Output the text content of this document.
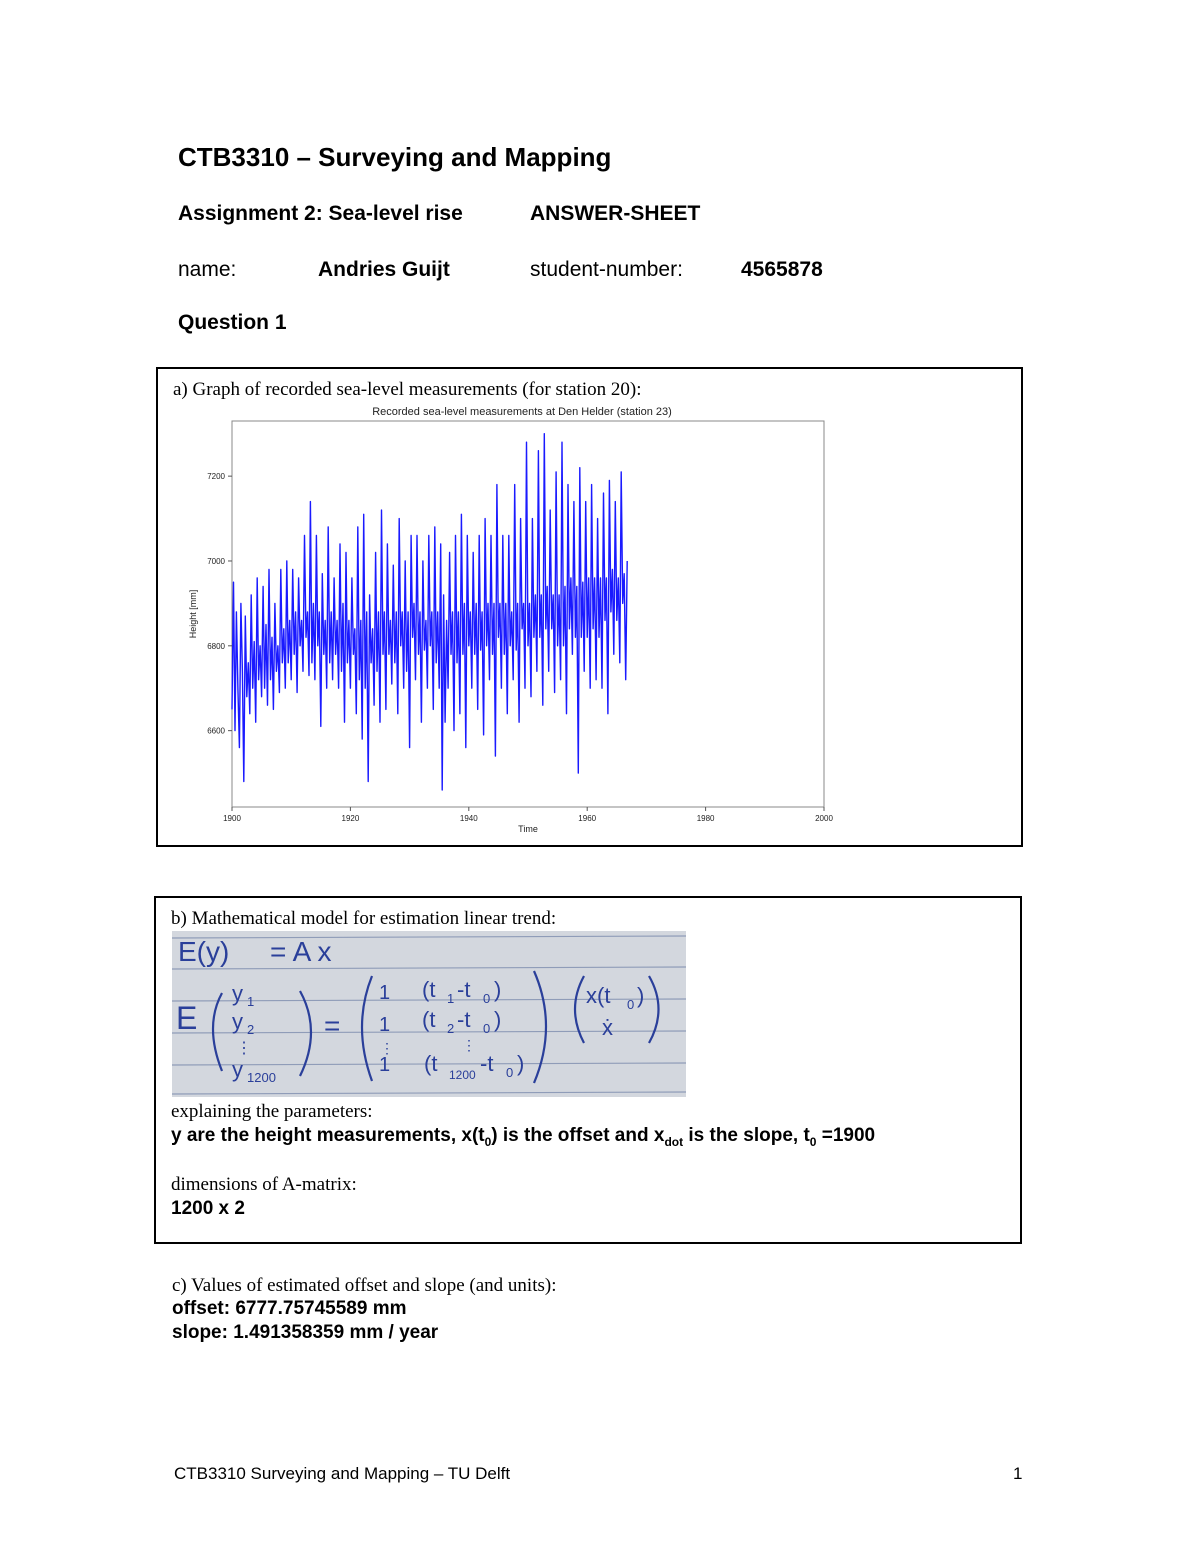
CTB3310 – Surveying and Mapping
Assignment 2: Sea-level rise	ANSWER-SHEET
name:	Andries Guijt	student-number:	4565878
Question 1
a) Graph of recorded sea-level measurements (for station 20):
Recorded sea-level measurements at Den Helder (station 23)
6600
6800
7000
7200
1900	1920	1940	1960	1980	2000
Height [mm]
Time
b) Mathematical model for estimation linear trend:
E(y) = A x
E
y 1
y 2
⋮
y 1200
=
1
1
⋮
1
(t 1 -t 0 )
(t 2 -t 0 )
⋮
(t 1200 -t 0 )
x(t 0 )
ẋ
explaining the parameters:
y are the height measurements, $x(t_0)$ is the offset and $x_{dot}$ is the slope, $t_0 =1900$
dimensions of A-matrix:
1200 x 2
c) Values of estimated offset and slope (and units):
offset: 6777.75745589 mm
slope: 1.491358359 mm / year
CTB3310 Surveying and Mapping – TU Delft	1
